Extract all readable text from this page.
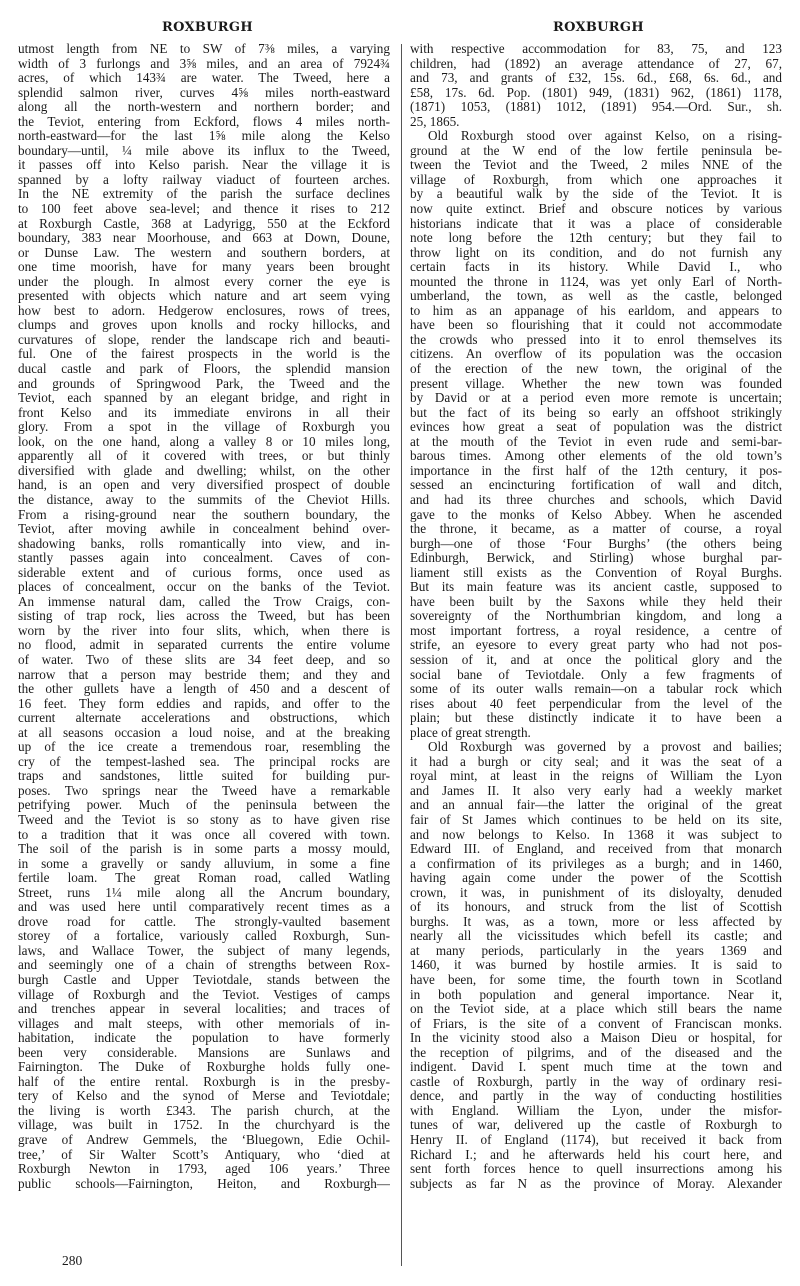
ROXBURGH	ROXBURGH
utmost length from NE to SW of 7⅜ miles, a varying
width of 3 furlongs and 3⅝ miles, and an area of 7924¾
acres, of which 143¾ are water. The Tweed, here a
splendid salmon river, curves 4⅝ miles north-eastward
along all the north-western and northern border; and
the Teviot, entering from Eckford, flows 4 miles north-
north-eastward—for the last 1⅝ mile along the Kelso
boundary—until, ¼ mile above its influx to the Tweed,
it passes off into Kelso parish. Near the village it is
spanned by a lofty railway viaduct of fourteen arches.
In the NE extremity of the parish the surface declines
to 100 feet above sea-level; and thence it rises to 212
at Roxburgh Castle, 368 at Ladyrigg, 550 at the Eckford
boundary, 383 near Moorhouse, and 663 at Down, Doune,
or Dunse Law. The western and southern borders, at
one time moorish, have for many years been brought
under the plough. In almost every corner the eye is
presented with objects which nature and art seem vying
how best to adorn. Hedgerow enclosures, rows of trees,
clumps and groves upon knolls and rocky hillocks, and
curvatures of slope, render the landscape rich and beauti-
ful. One of the fairest prospects in the world is the
ducal castle and park of Floors, the splendid mansion
and grounds of Springwood Park, the Tweed and the
Teviot, each spanned by an elegant bridge, and right in
front Kelso and its immediate environs in all their
glory. From a spot in the village of Roxburgh you
look, on the one hand, along a valley 8 or 10 miles long,
apparently all of it covered with trees, or but thinly
diversified with glade and dwelling; whilst, on the other
hand, is an open and very diversified prospect of double
the distance, away to the summits of the Cheviot Hills.
From a rising-ground near the southern boundary, the
Teviot, after moving awhile in concealment behind over-
shadowing banks, rolls romantically into view, and in-
stantly passes again into concealment. Caves of con-
siderable extent and of curious forms, once used as
places of concealment, occur on the banks of the Teviot.
An immense natural dam, called the Trow Craigs, con-
sisting of trap rock, lies across the Tweed, but has been
worn by the river into four slits, which, when there is
no flood, admit in separated currents the entire volume
of water. Two of these slits are 34 feet deep, and so
narrow that a person may bestride them; and they and
the other gullets have a length of 450 and a descent of
16 feet. They form eddies and rapids, and offer to the
current alternate accelerations and obstructions, which
at all seasons occasion a loud noise, and at the breaking
up of the ice create a tremendous roar, resembling the
cry of the tempest-lashed sea. The principal rocks are
traps and sandstones, little suited for building pur-
poses. Two springs near the Tweed have a remarkable
petrifying power. Much of the peninsula between the
Tweed and the Teviot is so stony as to have given rise
to a tradition that it was once all covered with town.
The soil of the parish is in some parts a mossy mould,
in some a gravelly or sandy alluvium, in some a fine
fertile loam. The great Roman road, called Watling
Street, runs 1¼ mile along all the Ancrum boundary,
and was used here until comparatively recent times as a
drove road for cattle. The strongly-vaulted basement
storey of a fortalice, variously called Roxburgh, Sun-
laws, and Wallace Tower, the subject of many legends,
and seemingly one of a chain of strengths between Rox-
burgh Castle and Upper Teviotdale, stands between the
village of Roxburgh and the Teviot. Vestiges of camps
and trenches appear in several localities; and traces of
villages and malt steeps, with other memorials of in-
habitation, indicate the population to have formerly
been very considerable. Mansions are Sunlaws and
Fairnington. The Duke of Roxburghe holds fully one-
half of the entire rental. Roxburgh is in the presby-
tery of Kelso and the synod of Merse and Teviotdale;
the living is worth £343. The parish church, at the
village, was built in 1752. In the churchyard is the
grave of Andrew Gemmels, the ‘Bluegown, Edie Ochil-
tree,’ of Sir Walter Scott’s Antiquary, who ‘died at
Roxburgh Newton in 1793, aged 106 years.’ Three
public schools—Fairnington, Heiton, and Roxburgh—
with respective accommodation for 83, 75, and 123
children, had (1892) an average attendance of 27, 67,
and 73, and grants of £32, 15s. 6d., £68, 6s. 6d., and
£58, 17s. 6d. Pop. (1801) 949, (1831) 962, (1861) 1178,
(1871) 1053, (1881) 1012, (1891) 954.—Ord. Sur., sh.
25, 1865.
Old Roxburgh stood over against Kelso, on a rising-
ground at the W end of the low fertile peninsula be-
tween the Teviot and the Tweed, 2 miles NNE of the
village of Roxburgh, from which one approaches it
by a beautiful walk by the side of the Teviot. It is
now quite extinct. Brief and obscure notices by various
historians indicate that it was a place of considerable
note long before the 12th century; but they fail to
throw light on its condition, and do not furnish any
certain facts in its history. While David I., who
mounted the throne in 1124, was yet only Earl of North-
umberland, the town, as well as the castle, belonged
to him as an appanage of his earldom, and appears to
have been so flourishing that it could not accommodate
the crowds who pressed into it to enrol themselves its
citizens. An overflow of its population was the occasion
of the erection of the new town, the original of the
present village. Whether the new town was founded
by David or at a period even more remote is uncertain;
but the fact of its being so early an offshoot strikingly
evinces how great a seat of population was the district
at the mouth of the Teviot in even rude and semi-bar-
barous times. Among other elements of the old town’s
importance in the first half of the 12th century, it pos-
sessed an encincturing fortification of wall and ditch,
and had its three churches and schools, which David
gave to the monks of Kelso Abbey. When he ascended
the throne, it became, as a matter of course, a royal
burgh—one of those ‘Four Burghs’ (the others being
Edinburgh, Berwick, and Stirling) whose burghal par-
liament still exists as the Convention of Royal Burghs.
But its main feature was its ancient castle, supposed to
have been built by the Saxons while they held their
sovereignty of the Northumbrian kingdom, and long a
most important fortress, a royal residence, a centre of
strife, an eyesore to every great party who had not pos-
session of it, and at once the political glory and the
social bane of Teviotdale. Only a few fragments of
some of its outer walls remain—on a tabular rock which
rises about 40 feet perpendicular from the level of the
plain; but these distinctly indicate it to have been a
place of great strength.
Old Roxburgh was governed by a provost and bailies;
it had a burgh or city seal; and it was the seat of a
royal mint, at least in the reigns of William the Lyon
and James II. It also very early had a weekly market
and an annual fair—the latter the original of the great
fair of St James which continues to be held on its site,
and now belongs to Kelso. In 1368 it was subject to
Edward III. of England, and received from that monarch
a confirmation of its privileges as a burgh; and in 1460,
having again come under the power of the Scottish
crown, it was, in punishment of its disloyalty, denuded
of its honours, and struck from the list of Scottish
burghs. It was, as a town, more or less affected by
nearly all the vicissitudes which befell its castle; and
at many periods, particularly in the years 1369 and
1460, it was burned by hostile armies. It is said to
have been, for some time, the fourth town in Scotland
in both population and general importance. Near it,
on the Teviot side, at a place which still bears the name
of Friars, is the site of a convent of Franciscan monks.
In the vicinity stood also a Maison Dieu or hospital, for
the reception of pilgrims, and of the diseased and the
indigent. David I. spent much time at the town and
castle of Roxburgh, partly in the way of ordinary resi-
dence, and partly in the way of conducting hostilities
with England. William the Lyon, under the misfor-
tunes of war, delivered up the castle of Roxburgh to
Henry II. of England (1174), but received it back from
Richard I.; and he afterwards held his court here, and
sent forth forces hence to quell insurrections among his
subjects as far N as the province of Moray. Alexander
280
